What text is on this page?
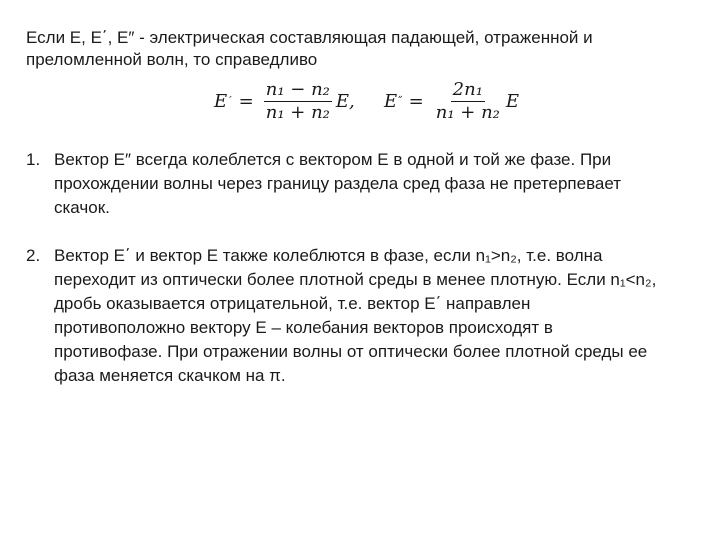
Если Е, E΄, E″ - электрическая составляющая падающей, отраженной и
преломленной волн, то справедливо
E ΄ = $\frac{\text{n₁ − n₂}}{\text{n₁ + n₂}} E$, E ˝ = $\frac{\text{2n₁}}{\text{n₁ + n₂}}$ E
1. Вектор E″ всегда колеблется с вектором Е в одной и той же фазе. При
прохождении волны через границу раздела сред фаза не претерпевает
скачок.
2. Вектор E΄ и вектор Е также колеблются в фазе, если n₁>n₂, т.е. волна
переходит из оптически более плотной среды в менее плотную. Если n₁<n₂,
дробь оказывается отрицательной, т.е. вектор E΄ направлен
противоположно вектору Е – колебания векторов происходят в
противофазе. При отражении волны от оптически более плотной среды ее
фаза меняется скачком на π.
